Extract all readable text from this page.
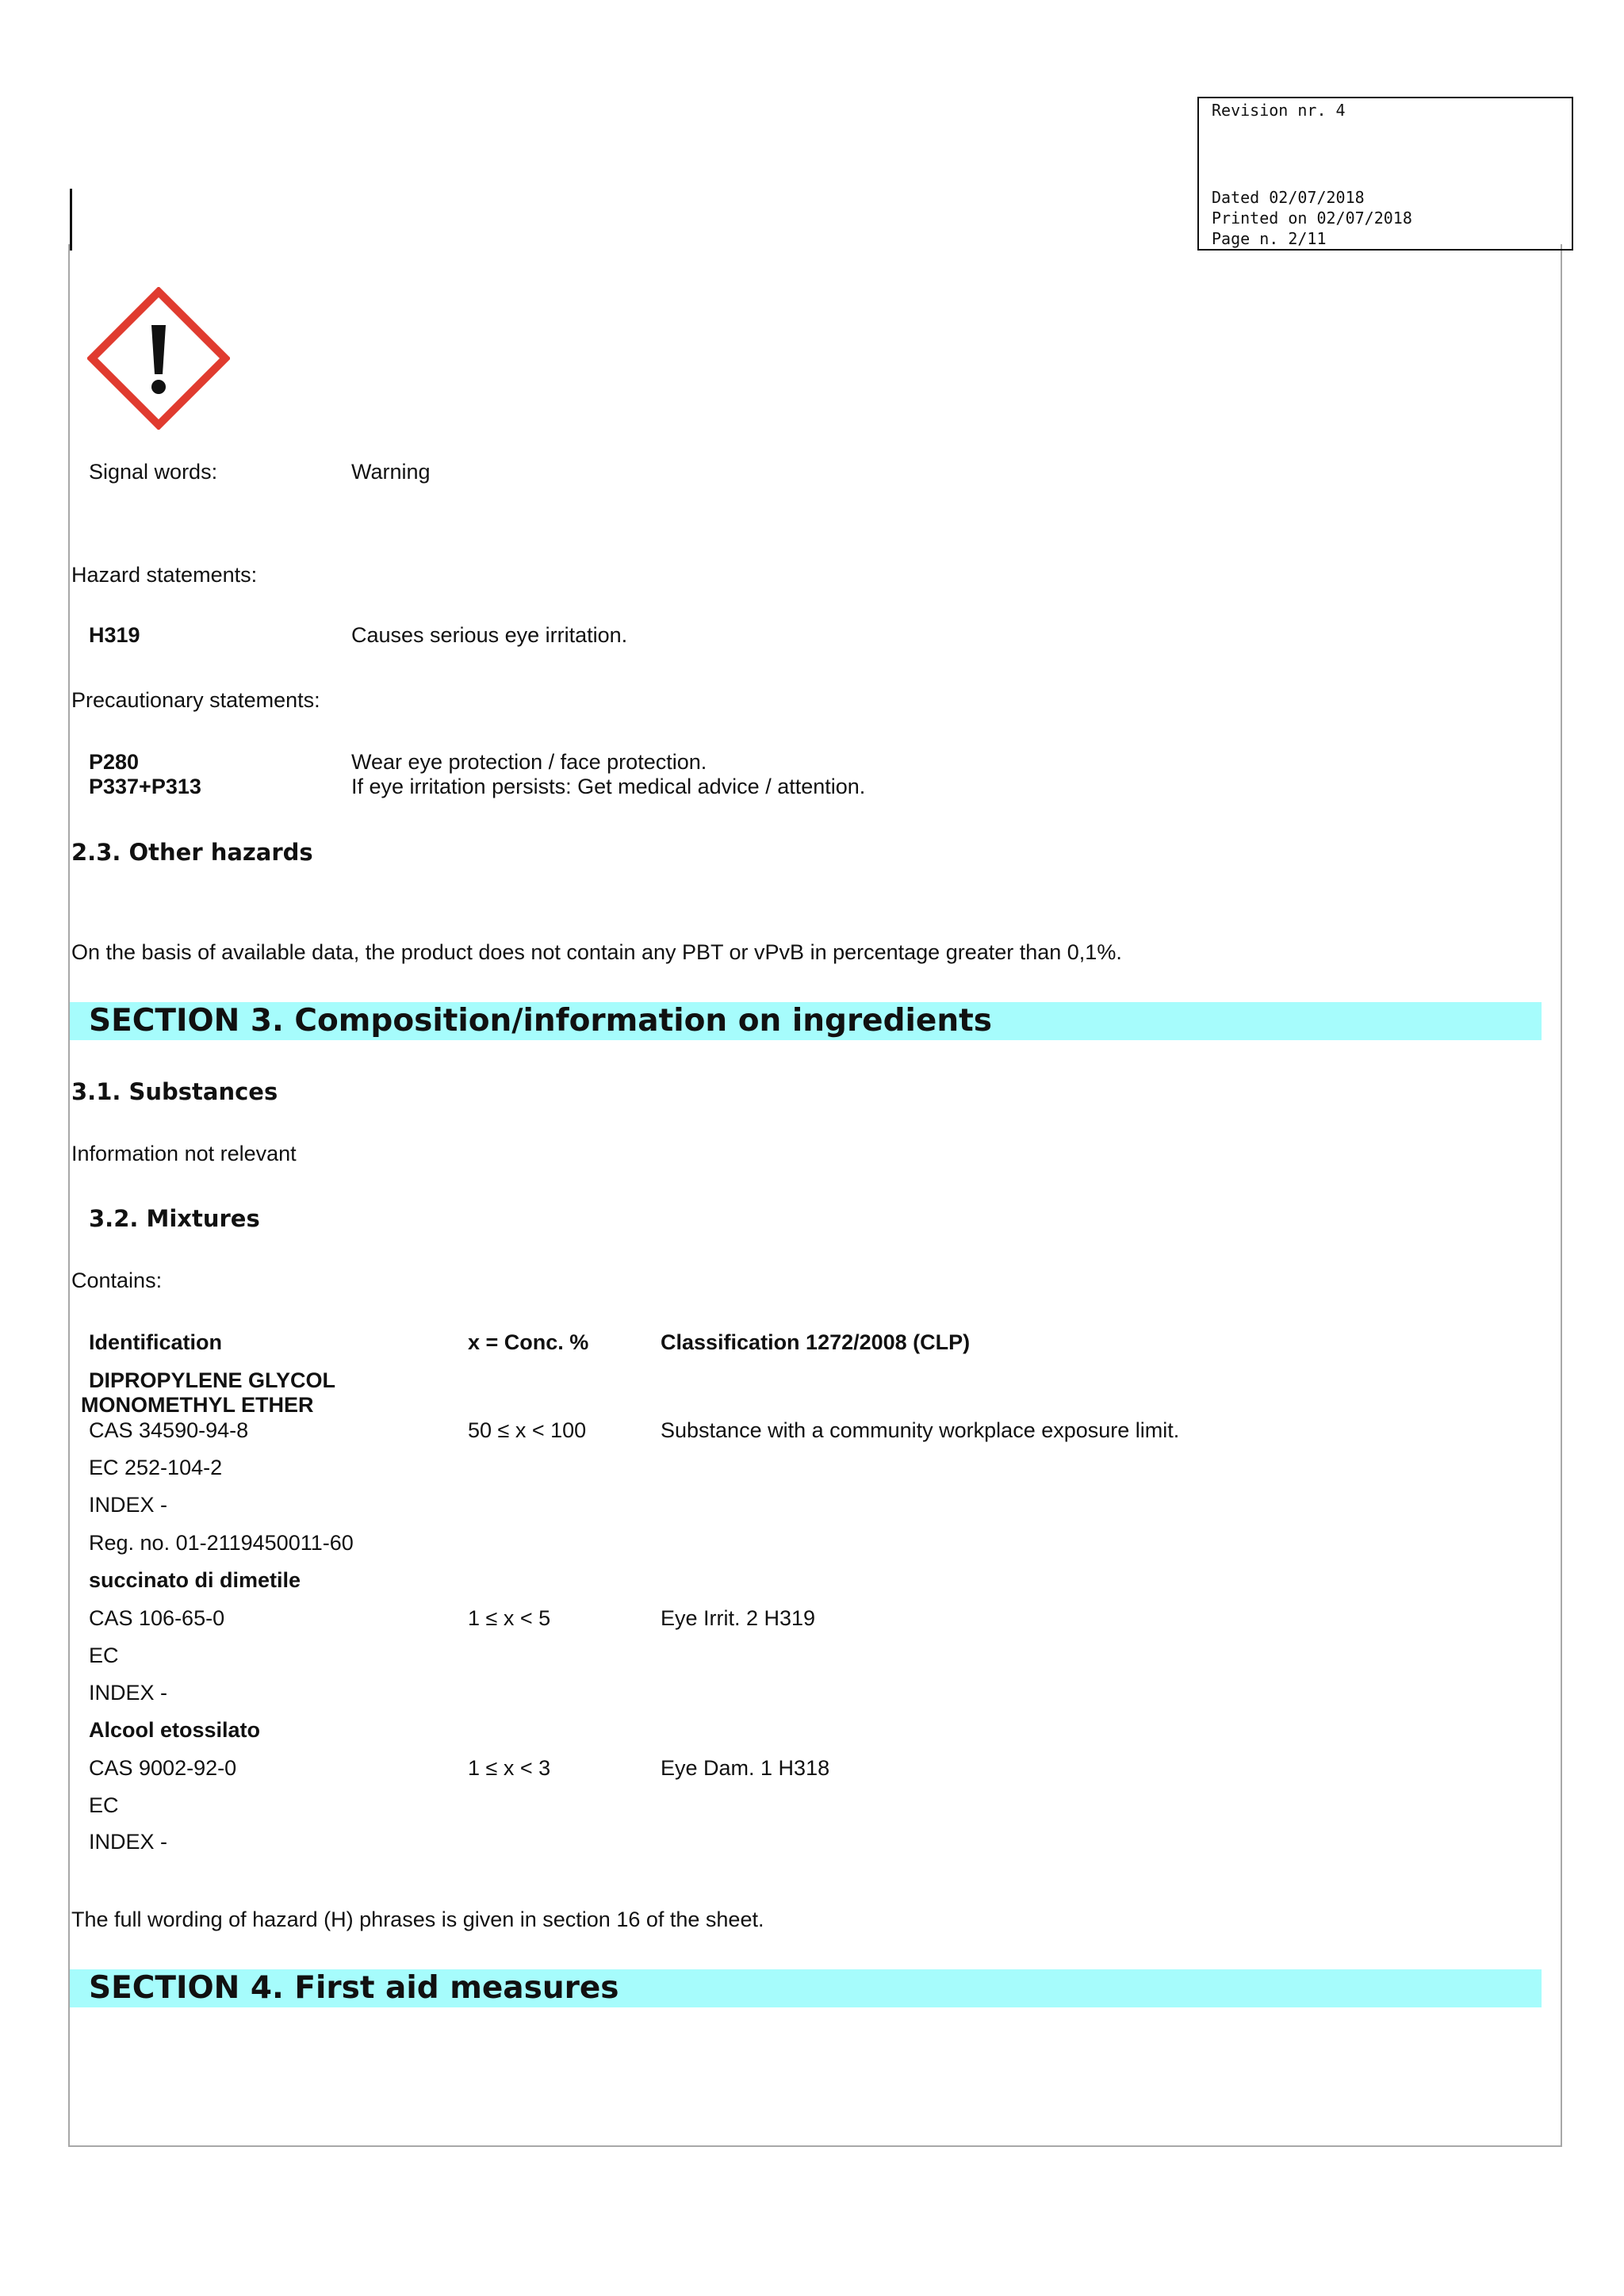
Revision nr. 4
Dated 02/07/2018
Printed on 02/07/2018
Page n. 2/11
Signal words:	Warning
Hazard statements:
H319	Causes serious eye irritation.
Precautionary statements:
P280	Wear eye protection / face protection.
P337+P313	If eye irritation persists: Get medical advice / attention.
2.3. Other hazards
On the basis of available data, the product does not contain any PBT or vPvB in percentage greater than 0,1%.
SECTION 3. Composition/information on ingredients
3.1. Substances
Information not relevant
3.2. Mixtures
Contains:
Identification	x = Conc. %	Classification 1272/2008 (CLP)
DIPROPYLENE GLYCOL
MONOMETHYL ETHER
CAS 34590-94-8	50 ≤ x < 100	Substance with a community workplace exposure limit.
EC 252-104-2
INDEX -
Reg. no. 01-2119450011-60
succinato di dimetile
CAS 106-65-0	1 ≤ x < 5	Eye Irrit. 2 H319
EC
INDEX -
Alcool etossilato
CAS 9002-92-0	1 ≤ x < 3	Eye Dam. 1 H318
EC
INDEX -
The full wording of hazard (H) phrases is given in section 16 of the sheet.
SECTION 4. First aid measures
